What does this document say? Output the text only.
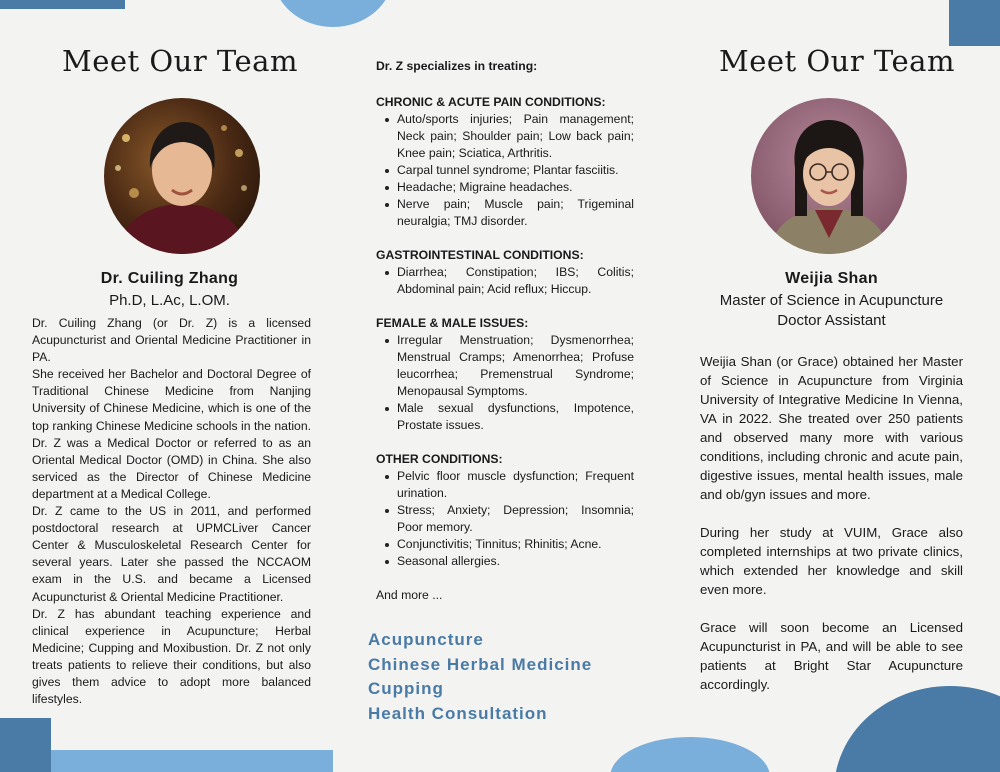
Meet Our Team
Dr. Cuiling Zhang
Ph.D, L.Ac, L.OM.

Dr. Cuiling Zhang (or Dr. Z) is a licensed Acupuncturist and Oriental Medicine Practitioner in PA.

She received her Bachelor and Doctoral Degree of Traditional Chinese Medicine from Nanjing University of Chinese Medicine, which is one of the top ranking Chinese Medicine schools in the nation. Dr. Z was a Medical Doctor or referred to as an Oriental Medical Doctor (OMD) in China. She also serviced as the Director of Chinese Medicine department at a Medical College.

Dr. Z came to the US in 2011, and performed postdoctoral research at UPMCLiver Cancer Center & Musculoskeletal Research Center for several years. Later she passed the NCCAOM exam in the U.S. and became a Licensed Acupuncturist & Oriental Medicine Practitioner.

Dr. Z has abundant teaching experience and clinical experience in Acupuncture; Herbal Medicine; Cupping and Moxibustion. Dr. Z not only treats patients to relieve their conditions, but also gives them advice to adopt more balanced lifestyles.

Dr. Z specializes in treating:
CHRONIC & ACUTE PAIN CONDITIONS:
Auto/sports injuries; Pain management; Neck pain; Shoulder pain; Low back pain; Knee pain; Sciatica, Arthritis.
Carpal tunnel syndrome; Plantar fasciitis.
Headache; Migraine headaches.
Nerve pain; Muscle pain; Trigeminal neuralgia; TMJ disorder.
GASTROINTESTINAL CONDITIONS:
Diarrhea; Constipation; IBS; Colitis; Abdominal pain; Acid reflux; Hiccup.
FEMALE & MALE ISSUES:
Irregular Menstruation; Dysmenorrhea; Menstrual Cramps; Amenorrhea; Profuse leucorrhea; Premenstrual Syndrome; Menopausal Symptoms.
Male sexual dysfunctions, Impotence, Prostate issues.
OTHER CONDITIONS:
Pelvic floor muscle dysfunction; Frequent urination.
Stress; Anxiety; Depression; Insomnia; Poor memory.
Conjunctivitis; Tinnitus; Rhinitis; Acne.
Seasonal allergies.
And more ...
Acupuncture
Chinese Herbal Medicine
Cupping
Health Consultation
Meet Our Team
Weijia Shan
Master of Science in Acupuncture
Doctor Assistant

Weijia Shan (or Grace) obtained her Master of Science in Acupuncture from Virginia University of Integrative Medicine In Vienna, VA in 2022. She treated over 250 patients and observed many more with various conditions, including chronic and acute pain, digestive issues, mental health issues, male and ob/gyn issues and more.

During her study at VUIM, Grace also completed internships at two private clinics, which extended her knowledge and skill even more.

Grace will soon become an Licensed Acupuncturist in PA, and will be able to see patients at Bright Star Acupuncture accordingly.
